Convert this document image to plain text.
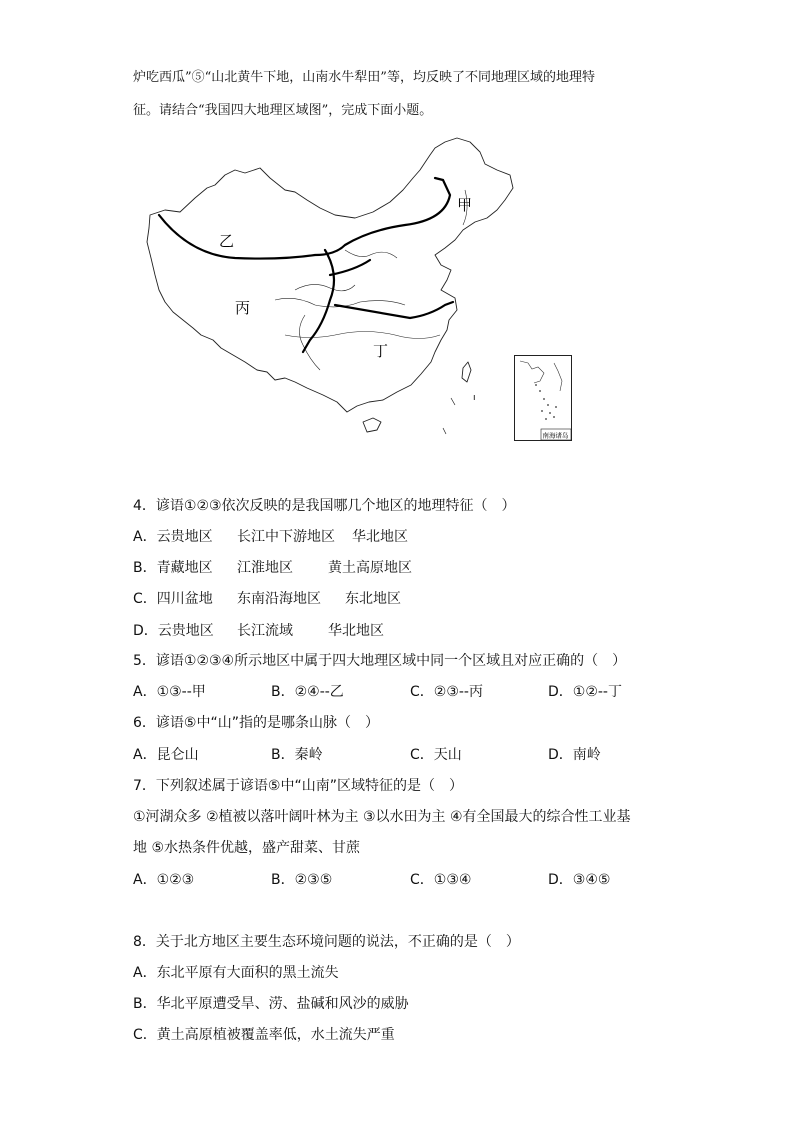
炉吃西瓜”⑤“山北黄牛下地，山南水牛犁田”等，均反映了不同地理区域的地理特
征。请结合“我国四大地理区域图”，完成下面小题。
甲
乙
丙
丁
ı
南海诸岛
4．谚语①②③依次反映的是我国哪几个地区的地理特征（　）
A．云贵地区 长江中下游地区 华北地区
B．青藏地区 江淮地区	黄土高原地区
C．四川盆地 东南沿海地区 东北地区
D．云贵地区 长江流域	华北地区
5．谚语①②③④所示地区中属于四大地理区域中同一个区域且对应正确的（　）
A．①③--甲	B．②④--乙	C．②③--丙	D．①②--丁
6．谚语⑤中“山”指的是哪条山脉（　）
A．昆仑山	B．秦岭	C．天山	D．南岭
7．下列叙述属于谚语⑤中“山南”区域特征的是（　）
①河湖众多 ②植被以落叶阔叶林为主 ③以水田为主 ④有全国最大的综合性工业基
地 ⑤水热条件优越，盛产甜菜、甘蔗
A．①②③	B．②③⑤	C．①③④	D．③④⑤
8．关于北方地区主要生态环境问题的说法，不正确的是（　）
A．东北平原有大面积的黑土流失
B．华北平原遭受旱、涝、盐碱和风沙的威胁
C．黄土高原植被覆盖率低，水土流失严重
